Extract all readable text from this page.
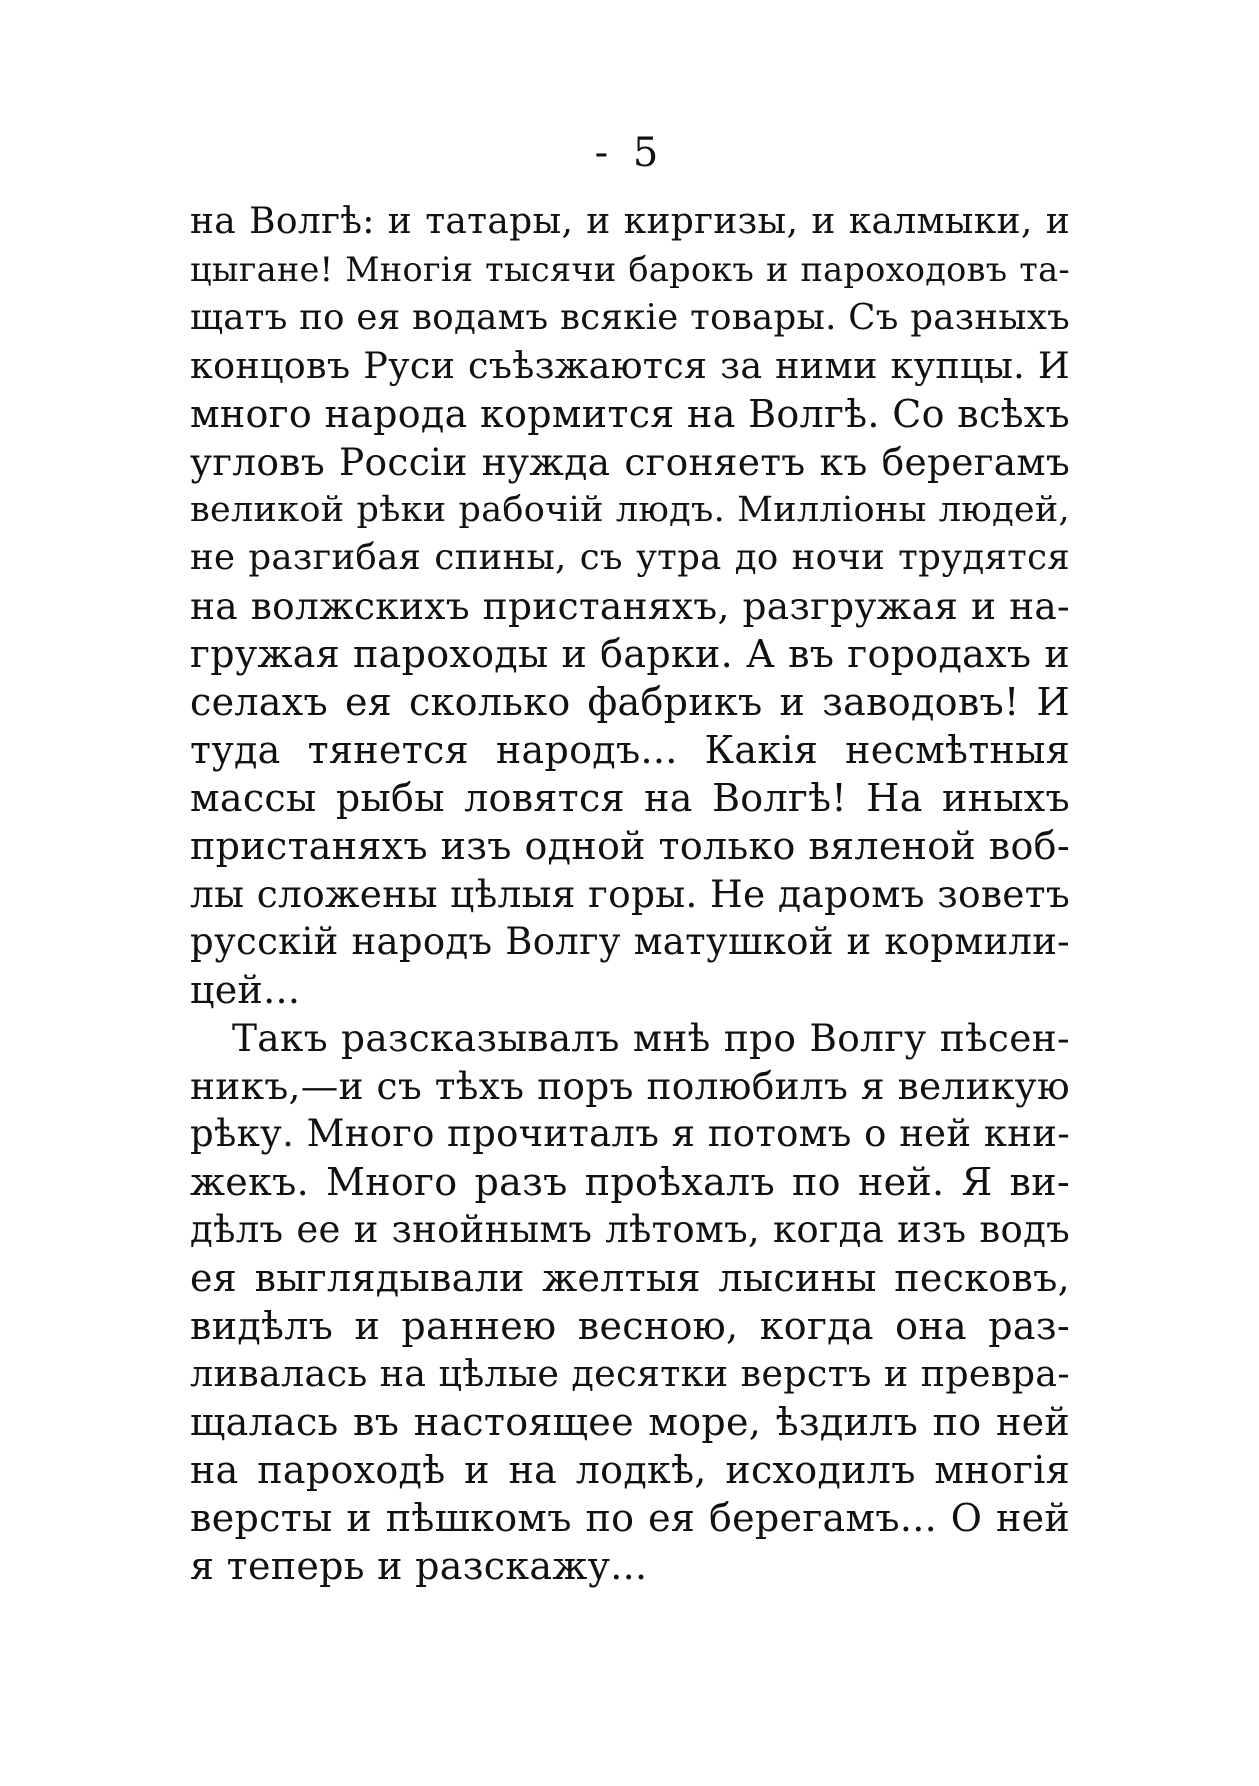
- 5
на Волгѣ: и татары, и киргизы, и калмыки, и
цыгане! Многія тысячи барокъ и пароходовъ та-
щатъ по ея водамъ всякіе товары. Съ разныхъ
концовъ Руси съѣзжаются за ними купцы. И
много народа кормится на Волгѣ. Со всѣхъ
угловъ Россіи нужда сгоняетъ къ берегамъ
великой рѣки рабочій людъ. Милліоны людей,
не разгибая спины, съ утра до ночи трудятся
на волжскихъ пристаняхъ, разгружая и на-
гружая пароходы и барки. А въ городахъ и
селахъ ея сколько фабрикъ и заводовъ! И
туда тянется народъ... Какія несмѣтныя
массы рыбы ловятся на Волгѣ! На иныхъ
пристаняхъ изъ одной только вяленой воб-
лы сложены цѣлыя горы. Не даромъ зоветъ
русскій народъ Волгу матушкой и кормили-
цей...
Такъ разсказывалъ мнѣ про Волгу пѣсен-
никъ,—и съ тѣхъ поръ полюбилъ я великую
рѣку. Много прочиталъ я потомъ о ней кни-
жекъ. Много разъ проѣхалъ по ней. Я ви-
дѣлъ ее и знойнымъ лѣтомъ, когда изъ водъ
ея выглядывали желтыя лысины песковъ,
видѣлъ и раннею весною, когда она раз-
ливалась на цѣлые десятки верстъ и превра-
щалась въ настоящее море, ѣздилъ по ней
на пароходѣ и на лодкѣ, исходилъ многія
версты и пѣшкомъ по ея берегамъ... О ней
я теперь и разскажу...
